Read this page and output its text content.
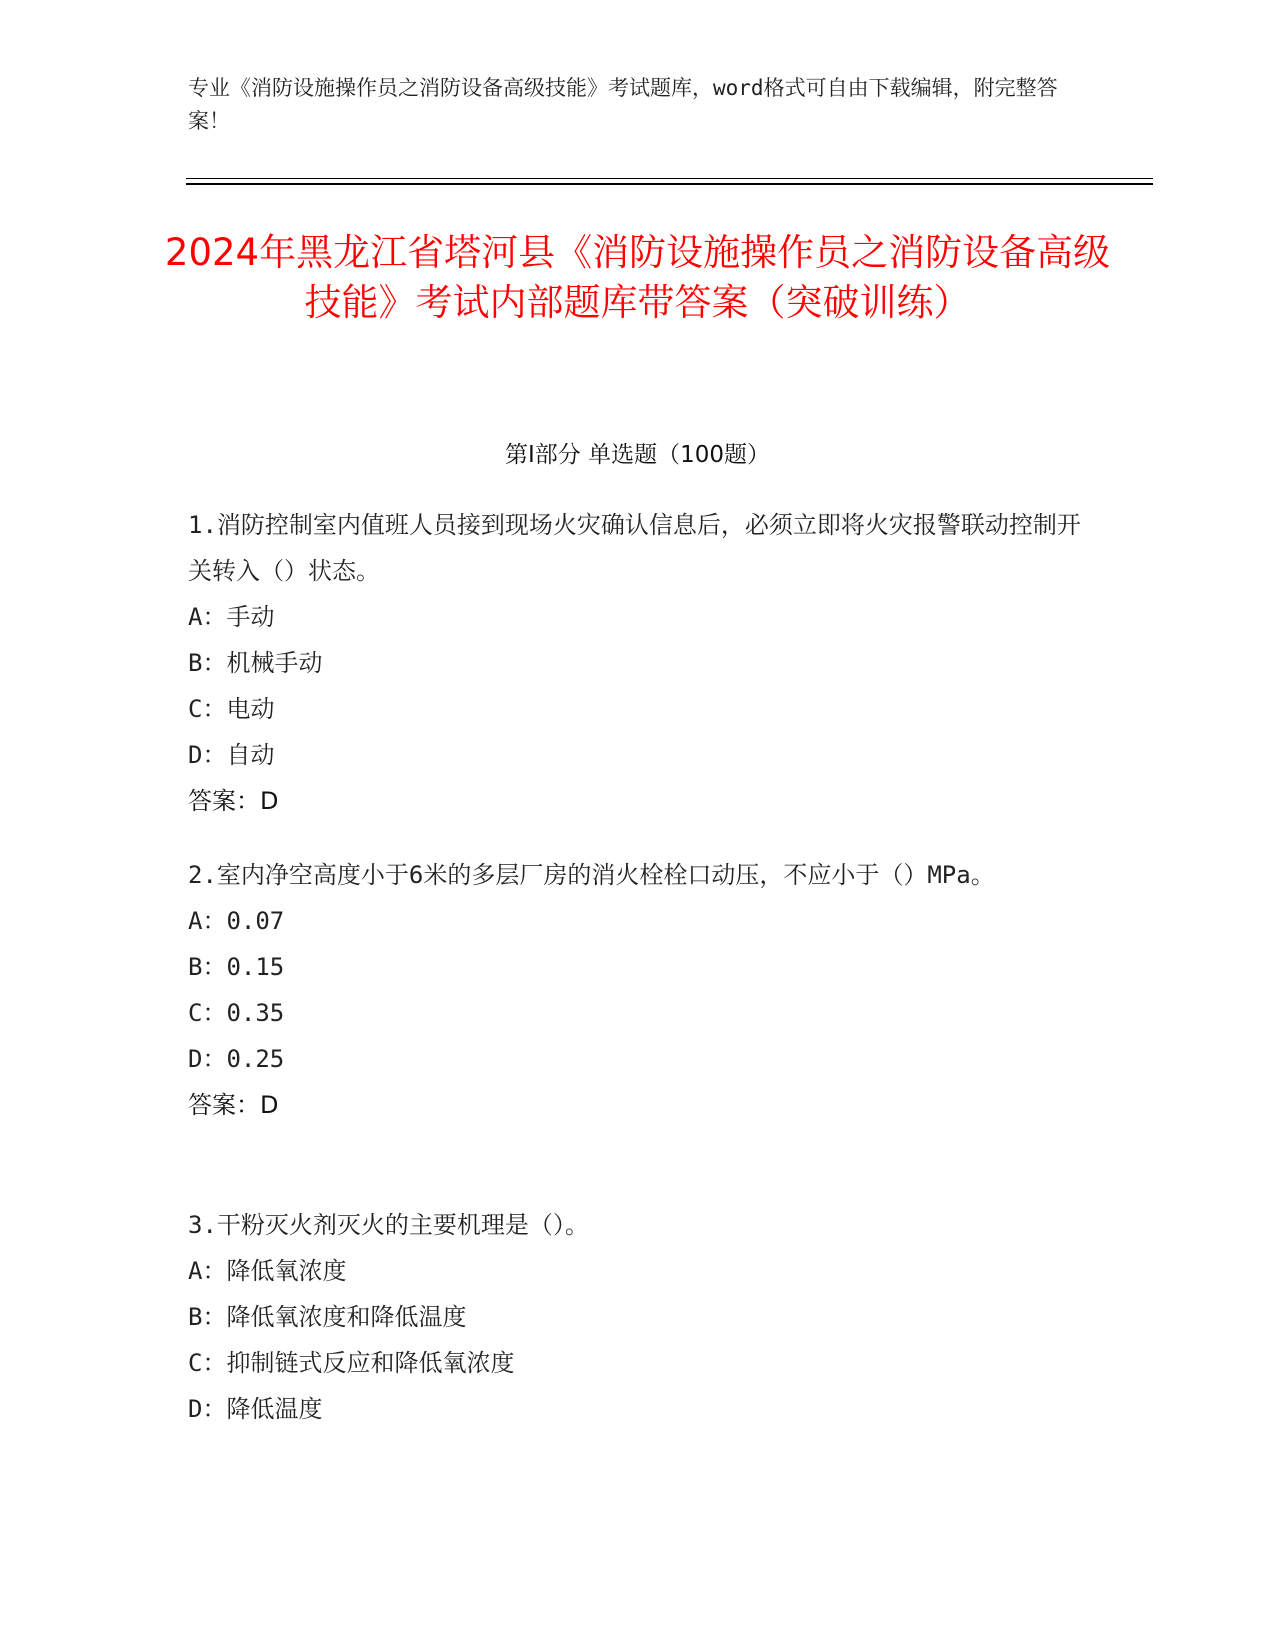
专业《消防设施操作员之消防设备高级技能》考试题库，word格式可自由下载编辑，附完整答案！
2024年黑龙江省塔河县《消防设施操作员之消防设备高级技能》考试内部题库带答案（突破训练）
第Ⅰ部分 单选题（100题）

1.消防控制室内值班人员接到现场火灾确认信息后，必须立即将火灾报警联动控制开关转入（）状态。

A：手动

B：机械手动

C：电动

D：自动

答案：D

2.室内净空高度小于6米的多层厂房的消火栓栓口动压，不应小于（）MPa。

A：0.07

B：0.15

C：0.35

D：0.25

答案：D

3.干粉灭火剂灭火的主要机理是（）。

A：降低氧浓度

B：降低氧浓度和降低温度

C：抑制链式反应和降低氧浓度

D：降低温度
